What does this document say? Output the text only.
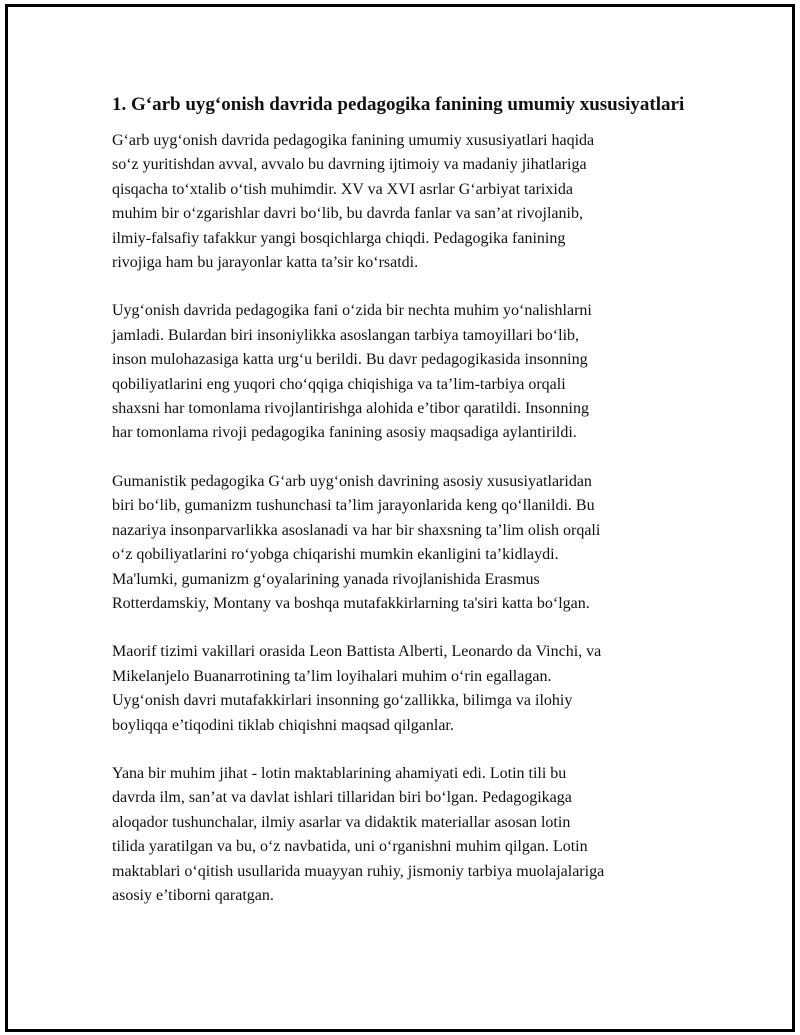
1. G‘arb uyg‘onish davrida pedagogika fanining umumiy xususiyatlari

G‘arb uyg‘onish davrida pedagogika fanining umumiy xususiyatlari haqida
so‘z yuritishdan avval, avvalo bu davrning ijtimoiy va madaniy jihatlariga
qisqacha to‘xtalib o‘tish muhimdir. XV va XVI asrlar G‘arbiyat tarixida
muhim bir o‘zgarishlar davri bo‘lib, bu davrda fanlar va san’at rivojlanib,
ilmiy-falsafiy tafakkur yangi bosqichlarga chiqdi. Pedagogika fanining
rivojiga ham bu jarayonlar katta ta’sir ko‘rsatdi.

Uyg‘onish davrida pedagogika fani o‘zida bir nechta muhim yo‘nalishlarni
jamladi. Bulardan biri insoniylikka asoslangan tarbiya tamoyillari bo‘lib,
inson mulohazasiga katta urg‘u berildi. Bu davr pedagogikasida insonning
qobiliyatlarini eng yuqori cho‘qqiga chiqishiga va ta’lim-tarbiya orqali
shaxsni har tomonlama rivojlantirishga alohida e’tibor qaratildi. Insonning
har tomonlama rivoji pedagogika fanining asosiy maqsadiga aylantirildi.

Gumanistik pedagogika G‘arb uyg‘onish davrining asosiy xususiyatlaridan
biri bo‘lib, gumanizm tushunchasi ta’lim jarayonlarida keng qo‘llanildi. Bu
nazariya insonparvarlikka asoslanadi va har bir shaxsning ta’lim olish orqali
o‘z qobiliyatlarini ro‘yobga chiqarishi mumkin ekanligini ta’kidlaydi.
Ma'lumki, gumanizm g‘oyalarining yanada rivojlanishida Erasmus
Rotterdamskiy, Montany va boshqa mutafakkirlarning ta'siri katta bo‘lgan.

Maorif tizimi vakillari orasida Leon Battista Alberti, Leonardo da Vinchi, va
Mikelanjelo Buanarrotining ta’lim loyihalari muhim o‘rin egallagan.
Uyg‘onish davri mutafakkirlari insonning go‘zallikka, bilimga va ilohiy
boyliqqa e’tiqodini tiklab chiqishni maqsad qilganlar.

Yana bir muhim jihat - lotin maktablarining ahamiyati edi. Lotin tili bu
davrda ilm, san’at va davlat ishlari tillaridan biri bo‘lgan. Pedagogikaga
aloqador tushunchalar, ilmiy asarlar va didaktik materiallar asosan lotin
tilida yaratilgan va bu, o‘z navbatida, uni o‘rganishni muhim qilgan. Lotin
maktablari o‘qitish usullarida muayyan ruhiy, jismoniy tarbiya muolajalariga
asosiy e’tiborni qaratgan.
